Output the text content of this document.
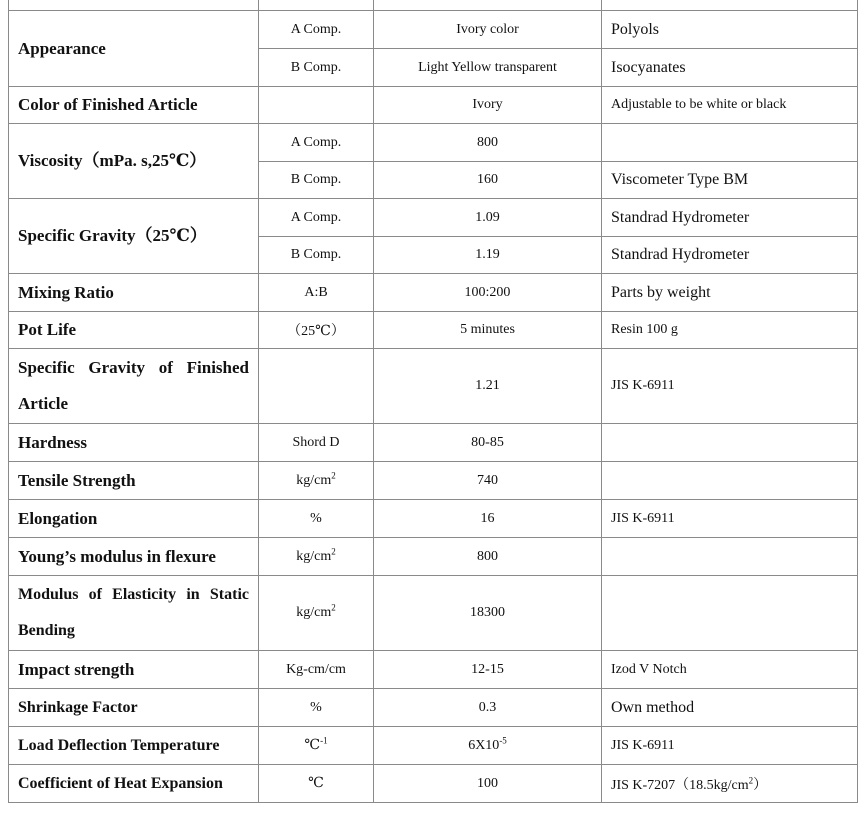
Appearance	A Comp.	Ivory color	Polyols
	B Comp.	Light Yellow transparent	Isocyanates
Color of Finished Article		Ivory	Adjustable to be white or black
Viscosity（mPa. s,25℃）	A Comp.	800	
	B Comp.	160	Viscometer Type BM
Specific Gravity（25℃）	A Comp.	1.09	Standrad Hydrometer
	B Comp.	1.19	Standrad Hydrometer
Mixing Ratio	A:B	100:200	Parts by weight
Pot Life	（25℃）	5 minutes	Resin 100 g
Specific Gravity of Finished Article		1.21	JIS K-6911
Hardness	Shord D	80-85	
Tensile Strength	$kg/cm^2$	740	
Elongation	%	16	JIS K-6911
Young’s modulus in flexure	$kg/cm^2$	800	
Modulus of Elasticity in Static Bending	$kg/cm^2$	18300	
Impact strength	Kg-cm/cm	12-15	Izod V Notch
Shrinkage Factor	%	0.3	Own method
Load Deflection Temperature	℃$^{-1}$	$6X10^{-5}$	JIS K-6911
Coefficient of Heat Expansion	℃	100	JIS $K-7207(18.5kg/cm^2)$
